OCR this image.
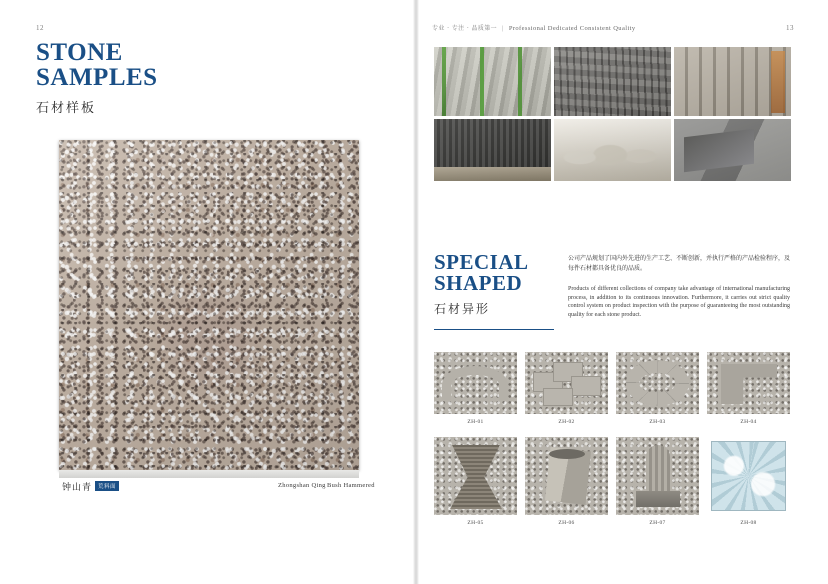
12
STONE
SAMPLES
石材样板
钟山青	荒料面	Zhongshan Qing Bush Hammered
13
专业 · 专注 · 品质第一 | Professional Dedicated Consistent Quality
SPECIAL
SHAPED
石材异形
公司产品规划了国内外先进的生产工艺、不断创新，并执行严格的产品检验程序，及每件石材都具备优良的品质。
Products of different collections of company take advantage of international manufacturing process, in addition to its continuous innovation. Furthermore, it carries out strict quality control system on product inspection with the purpose of guaranteeing the most outstanding quality for each stone product.
ZH-01	ZH-02	ZH-03	ZH-04
ZH-05	ZH-06	ZH-07	ZH-08
